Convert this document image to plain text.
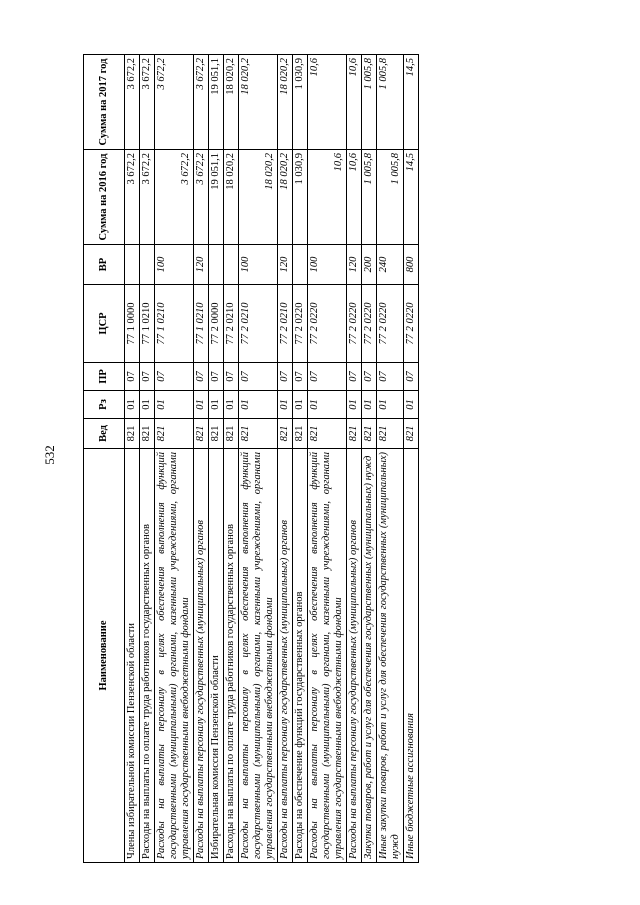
532
Наименование	Вед	Рз	ПР	ЦСР	ВР	Сумма на 2016 год	Сумма на 2017 год
Члены избирательной комиссии Пензенской области	821	01	07	77 1 0000		3 672,2	3 672,2
Расходы на выплаты по оплате труда работников государственных органов	821	01	07	77 1 0210		3 672,2	3 672,2
Расходы на выплаты персоналу в целях обеспечения выполнения функций государственными (муниципальными) органами, казенными учреждениями, органами управления государственными внебюджетными фондами	821	01	07	77 1 0210	100	3 672,2	3 672,2
Расходы на выплаты персоналу государственных (муниципальных) органов	821	01	07	77 1 0210	120	3 672,2	3 672,2
Избирательная комиссия Пензенской области	821	01	07	77 2 0000		19 051,1	19 051,1
Расходы на выплаты по оплате труда работников государственных органов	821	01	07	77 2 0210		18 020,2	18 020,2
Расходы на выплаты персоналу в целях обеспечения выполнения функций государственными (муниципальными) органами, казенными учреждениями, органами управления государственными внебюджетными фондами	821	01	07	77 2 0210	100	18 020,2	18 020,2
Расходы на выплаты персоналу государственных (муниципальных) органов	821	01	07	77 2 0210	120	18 020,2	18 020,2
Расходы на обеспечение функций государственных органов	821	01	07	77 2 0220		1 030,9	1 030,9
Расходы на выплаты персоналу в целях обеспечения выполнения функций государственными (муниципальными) органами, казенными учреждениями, органами управления государственными внебюджетными фондами	821	01	07	77 2 0220	100	10,6	10,6
Расходы на выплаты персоналу государственных (муниципальных) органов	821	01	07	77 2 0220	120	10,6	10,6
Закупка товаров, работ и услуг для обеспечения государственных (муниципальных) нужд	821	01	07	77 2 0220	200	1 005,8	1 005,8
Иные закупки товаров, работ и услуг для обеспечения государственных (муниципальных) нужд	821	01	07	77 2 0220	240	1 005,8	1 005,8
Иные бюджетные ассигнования	821	01	07	77 2 0220	800	14,5	14,5
